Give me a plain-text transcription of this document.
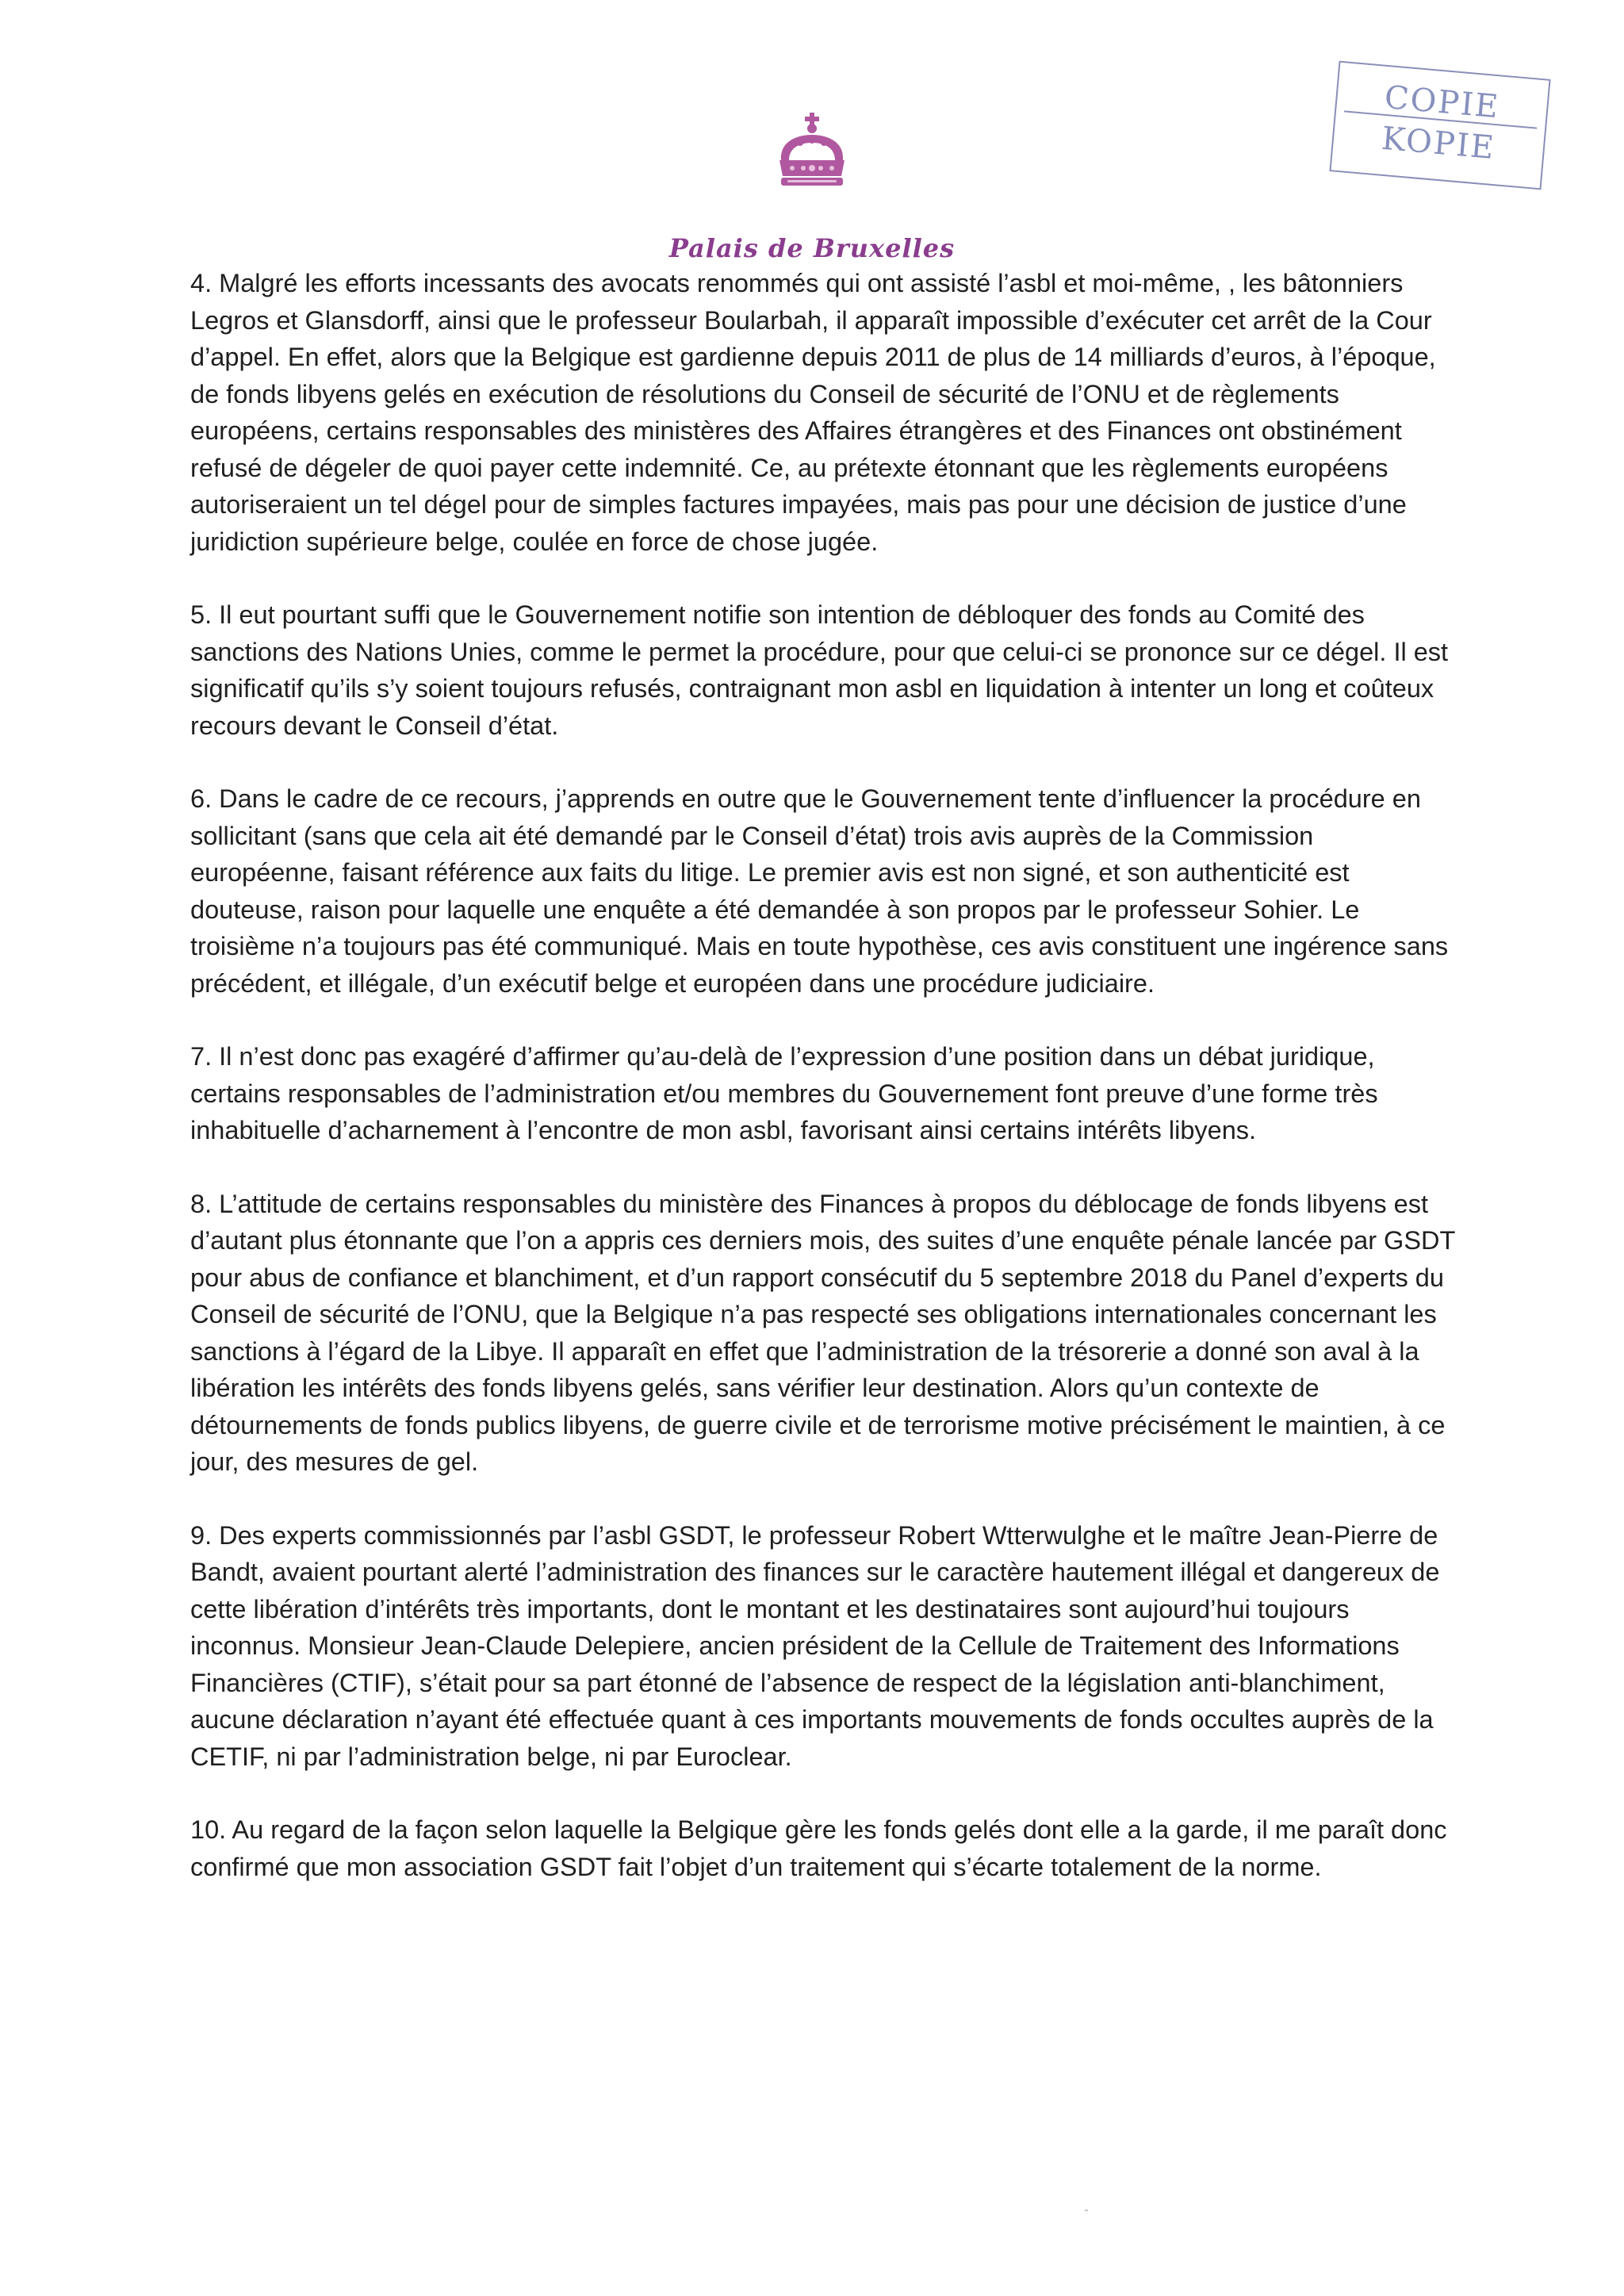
Palais de Bruxelles
COPIE
KOPIE

4. Malgré les efforts incessants des avocats renommés qui ont assisté l’asbl et moi-même, , les bâtonniers Legros et Glansdorff, ainsi que le professeur Boularbah, il apparaît impossible d’exécuter cet arrêt de la Cour d’appel. En effet, alors que la Belgique est gardienne depuis 2011 de plus de 14 milliards d’euros, à l’époque, de fonds libyens gelés en exécution de résolutions du Conseil de sécurité de l’ONU et de règlements européens, certains responsables des ministères des Affaires étrangères et des Finances ont obstinément refusé de dégeler de quoi payer cette indemnité. Ce, au prétexte étonnant que les règlements européens autoriseraient un tel dégel pour de simples factures impayées, mais pas pour une décision de justice d’une juridiction supérieure belge, coulée en force de chose jugée.

5. Il eut pourtant suffi que le Gouvernement notifie son intention de débloquer des fonds au Comité des sanctions des Nations Unies, comme le permet la procédure, pour que celui-ci se prononce sur ce dégel. Il est significatif qu’ils s’y soient toujours refusés, contraignant mon asbl en liquidation à intenter un long et coûteux recours devant le Conseil d’état.

6. Dans le cadre de ce recours, j’apprends en outre que le Gouvernement tente d’influencer la procédure en sollicitant (sans que cela ait été demandé par le Conseil d’état) trois avis auprès de la Commission européenne, faisant référence aux faits du litige. Le premier avis est non signé, et son authenticité est douteuse, raison pour laquelle une enquête a été demandée à son propos par le professeur Sohier. Le troisième n’a toujours pas été communiqué. Mais en toute hypothèse, ces avis constituent une ingérence sans précédent, et illégale, d’un exécutif belge et européen dans une procédure judiciaire.

7. Il n’est donc pas exagéré d’affirmer qu’au-delà de l’expression d’une position dans un débat juridique, certains responsables de l’administration et/ou membres du Gouvernement font preuve d’une forme très inhabituelle d’acharnement à l’encontre de mon asbl, favorisant ainsi certains intérêts libyens.

8. L’attitude de certains responsables du ministère des Finances à propos du déblocage de fonds libyens est d’autant plus étonnante que l’on a appris ces derniers mois, des suites d’une enquête pénale lancée par GSDT pour abus de confiance et blanchiment, et d’un rapport consécutif du 5 septembre 2018 du Panel d’experts du Conseil de sécurité de l’ONU, que la Belgique n’a pas respecté ses obligations internationales concernant les sanctions à l’égard de la Libye. Il apparaît en effet que l’administration de la trésorerie a donné son aval à la libération les intérêts des fonds libyens gelés, sans vérifier leur destination. Alors qu’un contexte de détournements de fonds publics libyens, de guerre civile et de terrorisme motive précisément le maintien, à ce jour, des mesures de gel.

9. Des experts commissionnés par l’asbl GSDT, le professeur Robert Wtterwulghe et le maître Jean-Pierre de Bandt, avaient pourtant alerté l’administration des finances sur le caractère hautement illégal et dangereux de cette libération d’intérêts très importants, dont le montant et les destinataires sont aujourd’hui toujours inconnus. Monsieur Jean-Claude Delepiere, ancien président de la Cellule de Traitement des Informations Financières (CTIF), s’était pour sa part étonné de l’absence de respect de la législation anti-blanchiment, aucune déclaration n’ayant été effectuée quant à ces importants mouvements de fonds occultes auprès de la CETIF, ni par l’administration belge, ni par Euroclear.

10. Au regard de la façon selon laquelle la Belgique gère les fonds gelés dont elle a la garde, il me paraît donc confirmé que mon association GSDT fait l’objet d’un traitement qui s’écarte totalement de la norme.
